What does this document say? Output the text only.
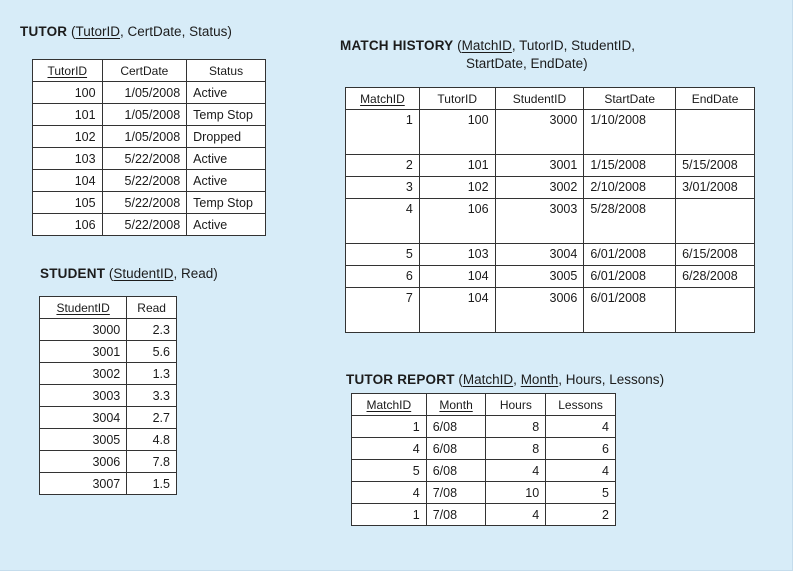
TUTOR (TutorID, CertDate, Status)
TutorID	CertDate	Status
100	1/05/2008	Active
101	1/05/2008	Temp Stop
102	1/05/2008	Dropped
103	5/22/2008	Active
104	5/22/2008	Active
105	5/22/2008	Temp Stop
106	5/22/2008	Active
STUDENT (StudentID, Read)
StudentID	Read
3000	2.3
3001	5.6
3002	1.3
3003	3.3
3004	2.7
3005	4.8
3006	7.8
3007	1.5
MATCH HISTORY (MatchID, TutorID, StudentID,
StartDate, EndDate)
MatchID	TutorID	StudentID	StartDate	EndDate
1	100	3000	1/10/2008	
2	101	3001	1/15/2008	5/15/2008
3	102	3002	2/10/2008	3/01/2008
4	106	3003	5/28/2008	
5	103	3004	6/01/2008	6/15/2008
6	104	3005	6/01/2008	6/28/2008
7	104	3006	6/01/2008	
TUTOR REPORT (MatchID, Month, Hours, Lessons)
MatchID	Month	Hours	Lessons
1	6/08	8	4
4	6/08	8	6
5	6/08	4	4
4	7/08	10	5
1	7/08	4	2
